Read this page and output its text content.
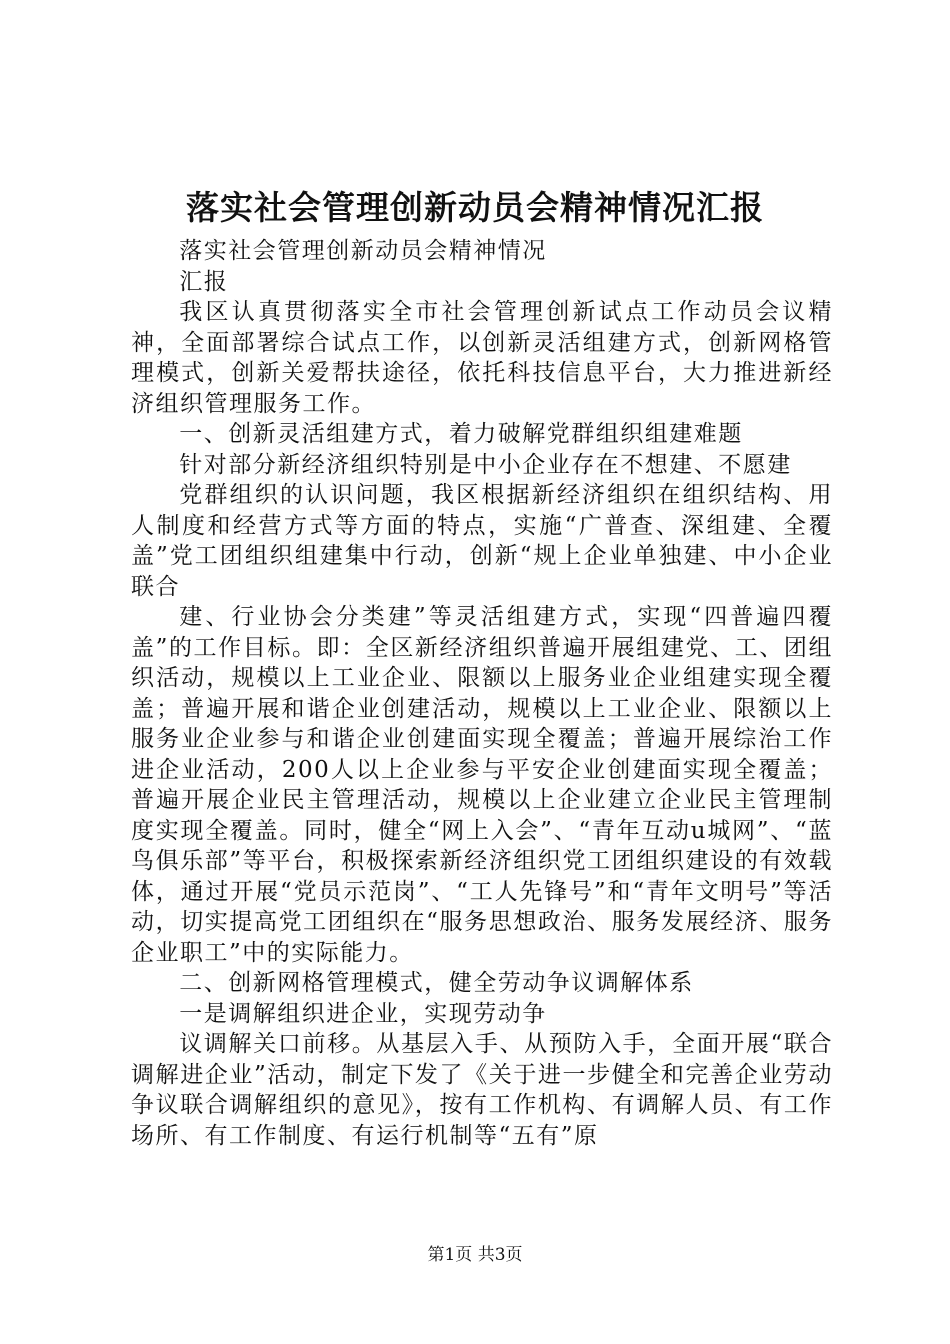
落实社会管理创新动员会精神情况汇报

落实社会管理创新动员会精神情况

汇报

我区认真贯彻落实全市社会管理创新试点工作动员会议精神，全面部署综合试点工作，以创新灵活组建方式，创新网格管理模式，创新关爱帮扶途径，依托科技信息平台，大力推进新经济组织管理服务工作。

一、创新灵活组建方式，着力破解党群组织组建难题

针对部分新经济组织特别是中小企业存在不想建、不愿建

党群组织的认识问题，我区根据新经济组织在组织结构、用人制度和经营方式等方面的特点，实施“广普查、深组建、全覆盖”党工团组织组建集中行动，创新“规上企业单独建、中小企业联合

建、行业协会分类建”等灵活组建方式，实现“四普遍四覆盖”的工作目标。即：全区新经济组织普遍开展组建党、工、团组织活动，规模以上工业企业、限额以上服务业企业组建实现全覆盖；普遍开展和谐企业创建活动，规模以上工业企业、限额以上服务业企业参与和谐企业创建面实现全覆盖；普遍开展综治工作进企业活动，200人以上企业参与平安企业创建面实现全覆盖；普遍开展企业民主管理活动，规模以上企业建立企业民主管理制度实现全覆盖。同时，健全“网上入会”、“青年互动u城网”、“蓝鸟俱乐部”等平台，积极探索新经济组织党工团组织建设的有效载体，通过开展“党员示范岗”、“工人先锋号”和“青年文明号”等活动，切实提高党工团组织在“服务思想政治、服务发展经济、服务企业职工”中的实际能力。

二、创新网格管理模式，健全劳动争议调解体系

一是调解组织进企业，实现劳动争

议调解关口前移。从基层入手、从预防入手，全面开展“联合调解进企业”活动，制定下发了《关于进一步健全和完善企业劳动争议联合调解组织的意见》，按有工作机构、有调解人员、有工作场所、有工作制度、有运行机制等“五有”原

第1页 共3页
